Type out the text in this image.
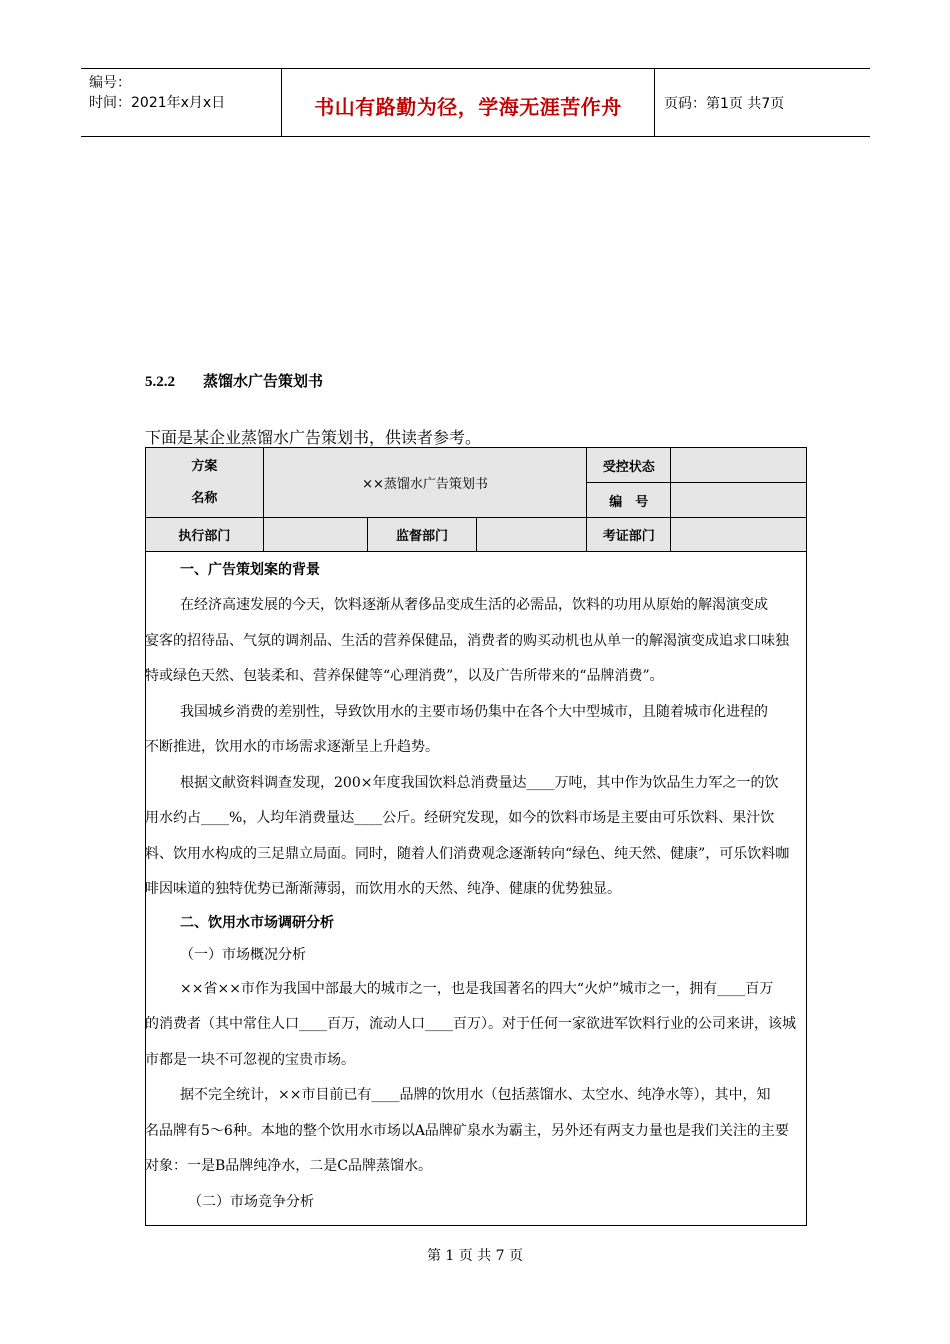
编号：
时间：2021年x月x日	书山有路勤为径，学海无涯苦作舟	页码：第1页 共7页
5.2.2 蒸馏水广告策划书
下面是某企业蒸馏水广告策划书，供读者参考。
方案
名称	××蒸馏水广告策划书			受控状态	
				编　号	
执行部门		监督部门		考证部门	

一、广告策划案的背景

在经济高速发展的今天，饮料逐渐从奢侈品变成生活的必需品，饮料的功用从原始的解渴演变成

宴客的招待品、气氛的调剂品、生活的营养保健品，消费者的购买动机也从单一的解渴演变成追求口味独特或绿色天然、包装柔和、营养保健等“心理消费”，以及广告所带来的“品牌消费”。

我国城乡消费的差别性，导致饮用水的主要市场仍集中在各个大中型城市，且随着城市化进程的

不断推进，饮用水的市场需求逐渐呈上升趋势。

根据文献资料调查发现，200×年度我国饮料总消费量达____万吨，其中作为饮品生力军之一的饮

用水约占____%，人均年消费量达____公斤。经研究发现，如今的饮料市场是主要由可乐饮料、果汁饮料、饮用水构成的三足鼎立局面。同时，随着人们消费观念逐渐转向“绿色、纯天然、健康”，可乐饮料咖啡因味道的独特优势已渐渐薄弱，而饮用水的天然、纯净、健康的优势独显。

二、饮用水市场调研分析

（一）市场概况分析

××省××市作为我国中部最大的城市之一，也是我国著名的四大“火炉”城市之一，拥有____百万

的消费者（其中常住人口____百万，流动人口____百万）。对于任何一家欲进军饮料行业的公司来讲，该城市都是一块不可忽视的宝贵市场。

据不完全统计，××市目前已有____品牌的饮用水（包括蒸馏水、太空水、纯净水等），其中，知

名品牌有5～6种。本地的整个饮用水市场以A品牌矿泉水为霸主，另外还有两支力量也是我们关注的主要对象：一是B品牌纯净水，二是C品牌蒸馏水。

（二）市场竞争分析

第 1 页 共 7 页
